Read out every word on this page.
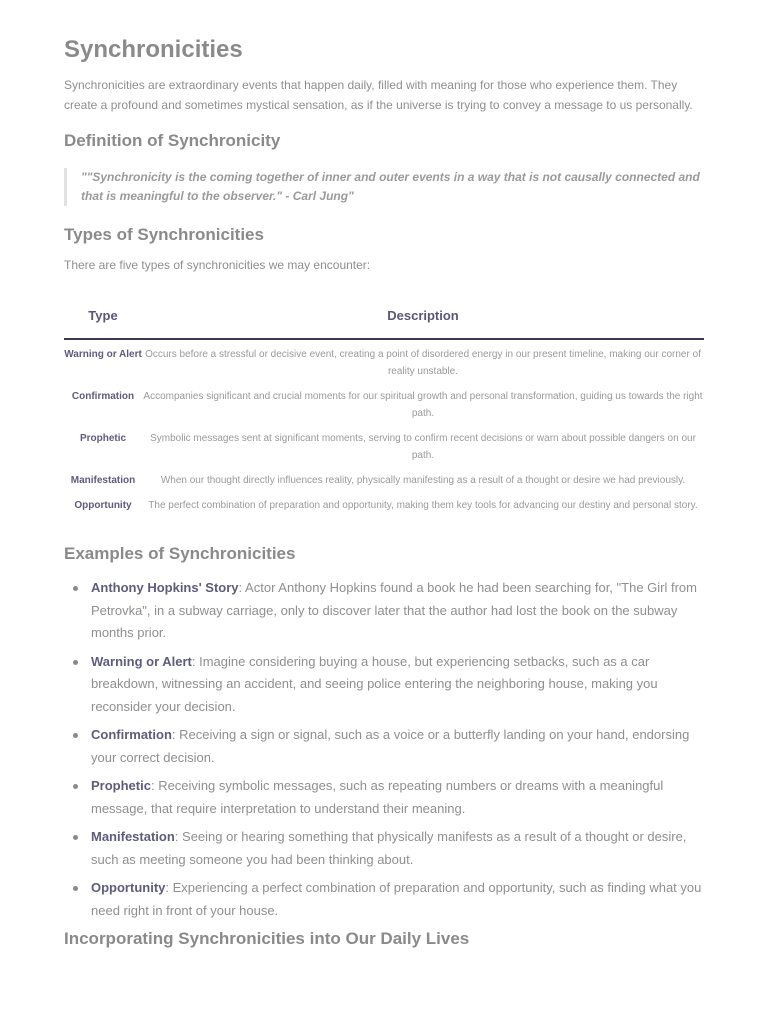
Synchronicities

Synchronicities are extraordinary events that happen daily, filled with meaning for those who experience them. They create a profound and sometimes mystical sensation, as if the universe is trying to convey a message to us personally.

Definition of Synchronicity
""Synchronicity is the coming together of inner and outer events in a way that is not causally connected and that is meaningful to the observer." - Carl Jung"
Types of Synchronicities

There are five types of synchronicities we may encounter:

Type	Description
Warning or Alert	Occurs before a stressful or decisive event, creating a point of disordered energy in our present timeline, making our corner of reality unstable.
Confirmation	Accompanies significant and crucial moments for our spiritual growth and personal transformation, guiding us towards the right path.
Prophetic	Symbolic messages sent at significant moments, serving to confirm recent decisions or warn about possible dangers on our path.
Manifestation	When our thought directly influences reality, physically manifesting as a result of a thought or desire we had previously.
Opportunity	The perfect combination of preparation and opportunity, making them key tools for advancing our destiny and personal story.
Examples of Synchronicities
Anthony Hopkins' Story: Actor Anthony Hopkins found a book he had been searching for, "The Girl from Petrovka", in a subway carriage, only to discover later that the author had lost the book on the subway months prior.
Warning or Alert: Imagine considering buying a house, but experiencing setbacks, such as a car breakdown, witnessing an accident, and seeing police entering the neighboring house, making you reconsider your decision.
Confirmation: Receiving a sign or signal, such as a voice or a butterfly landing on your hand, endorsing your correct decision.
Prophetic: Receiving symbolic messages, such as repeating numbers or dreams with a meaningful message, that require interpretation to understand their meaning.
Manifestation: Seeing or hearing something that physically manifests as a result of a thought or desire, such as meeting someone you had been thinking about.
Opportunity: Experiencing a perfect combination of preparation and opportunity, such as finding what you need right in front of your house.
Incorporating Synchronicities into Our Daily Lives
